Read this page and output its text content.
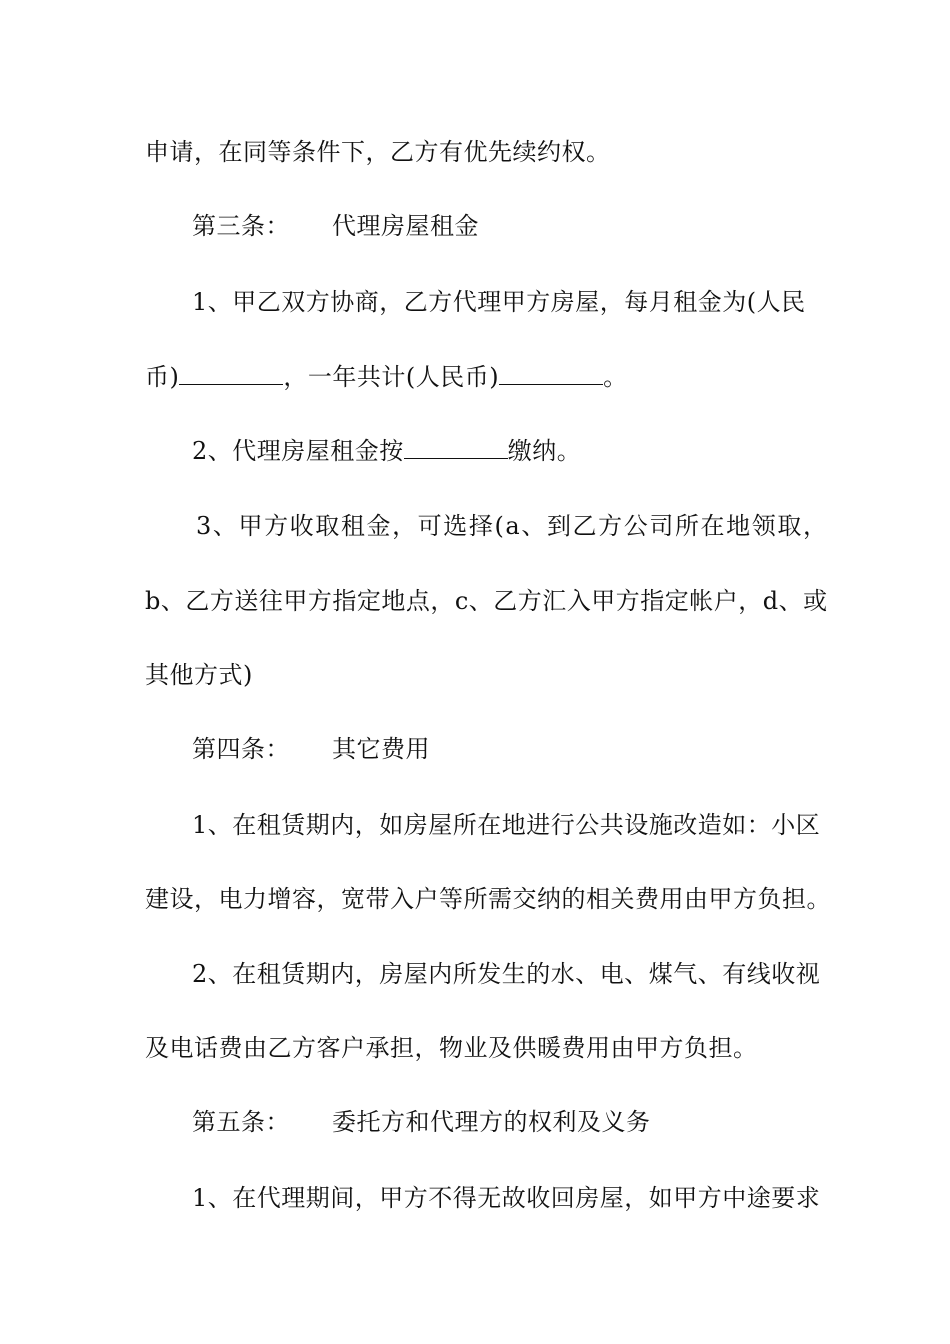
申请，在同等条件下，乙方有优先续约权。
第三条： 代理房屋租金
1、甲乙双方协商，乙方代理甲方房屋，每月租金为(人民
币)	，一年共计(人民币)	。
2、代理房屋租金按	缴纳。
3、甲方收取租金，可选择(a、到乙方公司所在地领取，
b、乙方送往甲方指定地点，c、乙方汇入甲方指定帐户，d、或
其他方式)
第四条： 其它费用
1、在租赁期内，如房屋所在地进行公共设施改造如：小区
建设，电力增容，宽带入户等所需交纳的相关费用由甲方负担。
2、在租赁期内，房屋内所发生的水、电、煤气、有线收视
及电话费由乙方客户承担，物业及供暖费用由甲方负担。
第五条： 委托方和代理方的权利及义务
1、在代理期间，甲方不得无故收回房屋，如甲方中途要求
